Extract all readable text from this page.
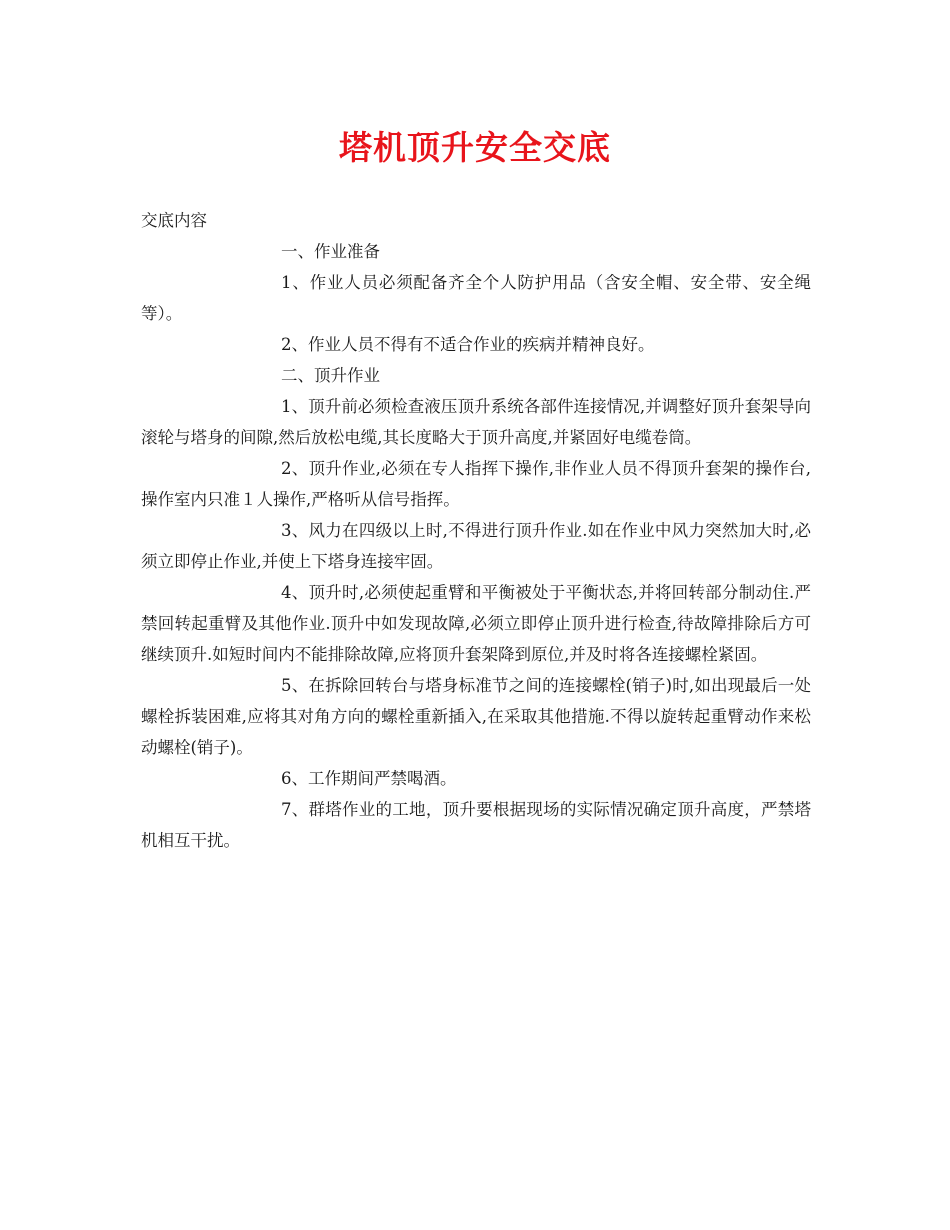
塔机顶升安全交底

交底内容

一、作业准备

1、作业人员必须配备齐全个人防护用品（含安全帽、安全带、安全绳等）。

2、作业人员不得有不适合作业的疾病并精神良好。

二、顶升作业

1、顶升前必须检查液压顶升系统各部件连接情况,并调整好顶升套架导向滚轮与塔身的间隙,然后放松电缆,其长度略大于顶升高度,并紧固好电缆卷筒。

2、顶升作业,必须在专人指挥下操作,非作业人员不得顶升套架的操作台,操作室内只准１人操作,严格听从信号指挥。

3、风力在四级以上时,不得进行顶升作业.如在作业中风力突然加大时,必须立即停止作业,并使上下塔身连接牢固。

4、顶升时,必须使起重臂和平衡被处于平衡状态,并将回转部分制动住.严禁回转起重臂及其他作业.顶升中如发现故障,必须立即停止顶升进行检查,待故障排除后方可继续顶升.如短时间内不能排除故障,应将顶升套架降到原位,并及时将各连接螺栓紧固。

5、在拆除回转台与塔身标准节之间的连接螺栓(销子)时,如出现最后一处螺栓拆装困难,应将其对角方向的螺栓重新插入,在采取其他措施.不得以旋转起重臂动作来松动螺栓(销子)。

6、工作期间严禁喝酒。

7、群塔作业的工地，顶升要根据现场的实际情况确定顶升高度，严禁塔机相互干扰。
